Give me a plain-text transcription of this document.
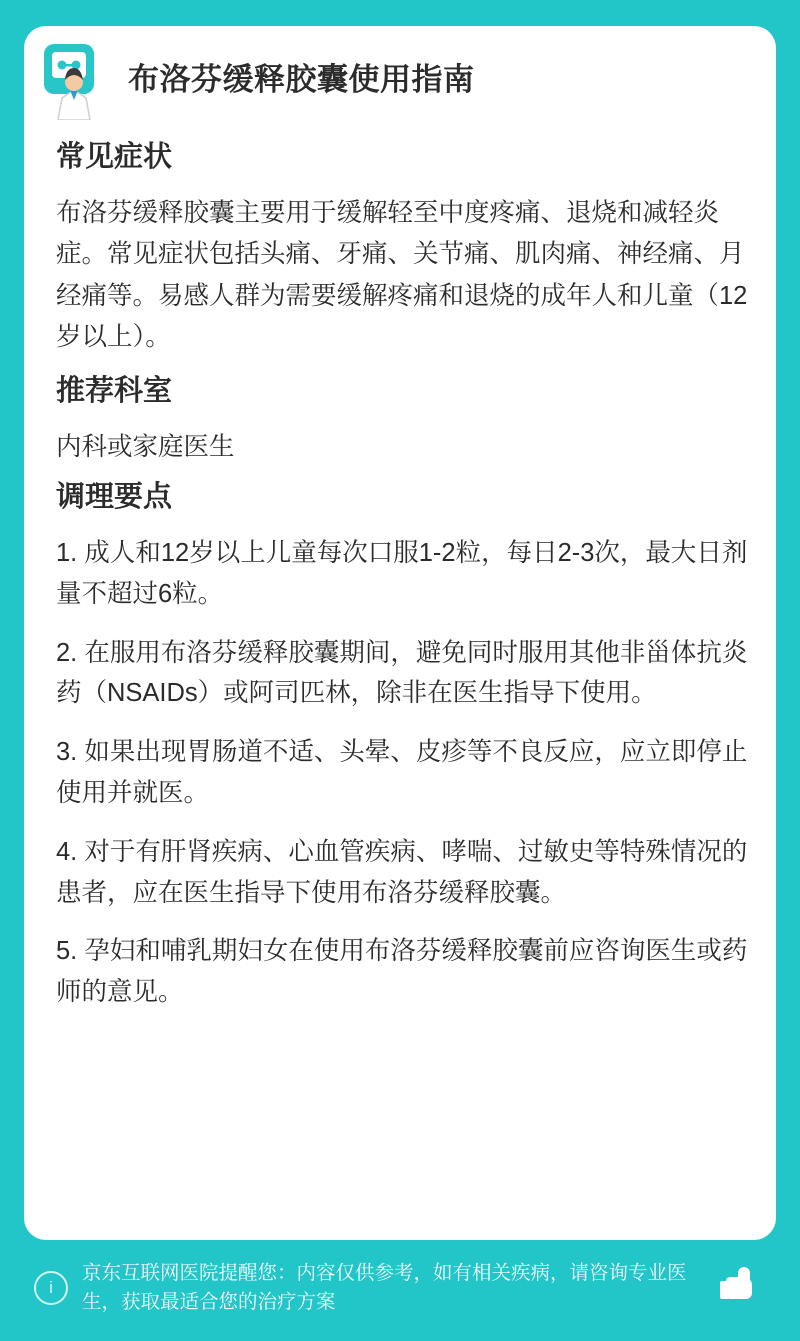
布洛芬缓释胶囊使用指南
常见症状

布洛芬缓释胶囊主要用于缓解轻至中度疼痛、退烧和减轻炎症。常见症状包括头痛、牙痛、关节痛、肌肉痛、神经痛、月经痛等。易感人群为需要缓解疼痛和退烧的成年人和儿童（12岁以上）。

推荐科室

内科或家庭医生

调理要点
1. 成人和12岁以上儿童每次口服1-2粒，每日2-3次，最大日剂量不超过6粒。
2. 在服用布洛芬缓释胶囊期间，避免同时服用其他非甾体抗炎药（NSAIDs）或阿司匹林，除非在医生指导下使用。
3. 如果出现胃肠道不适、头晕、皮疹等不良反应，应立即停止使用并就医。
4. 对于有肝肾疾病、心血管疾病、哮喘、过敏史等特殊情况的患者，应在医生指导下使用布洛芬缓释胶囊。
5. 孕妇和哺乳期妇女在使用布洛芬缓释胶囊前应咨询医生或药师的意见。
i
京东互联网医院提醒您：内容仅供参考，如有相关疾病，请咨询专业医生，获取最适合您的治疗方案
